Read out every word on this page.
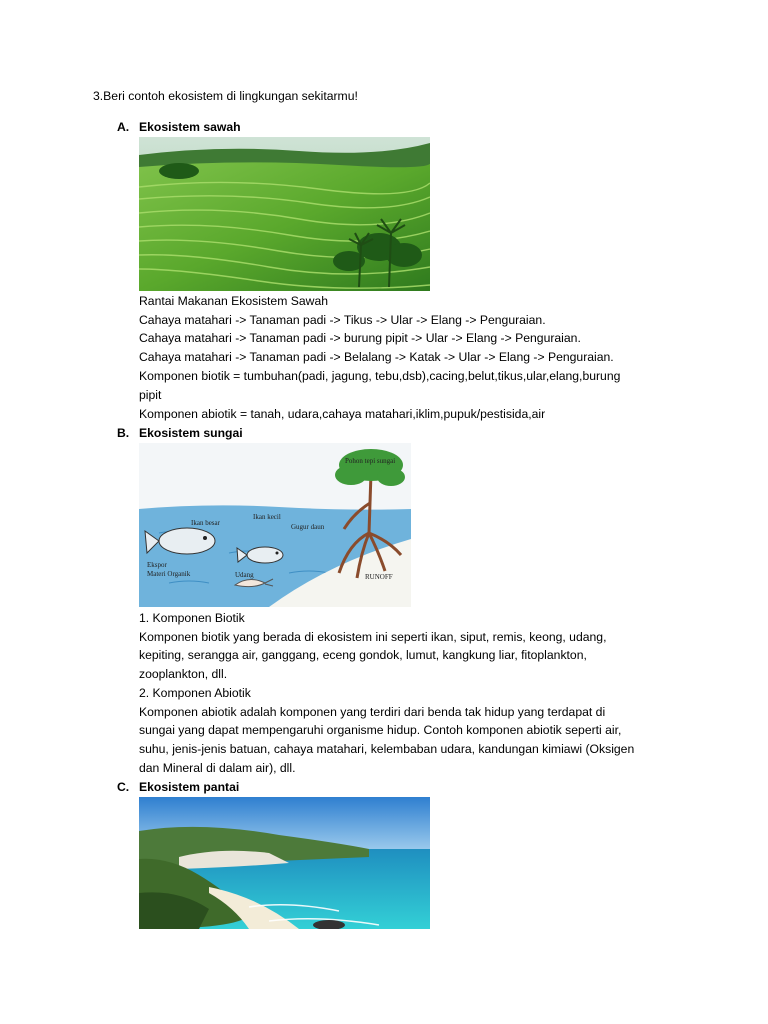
3.Beri contoh ekosistem di lingkungan sekitarmu!
A. Ekosistem sawah
Rantai Makanan Ekosistem Sawah
Cahaya matahari -> Tanaman padi -> Tikus -> Ular -> Elang -> Penguraian.
Cahaya matahari -> Tanaman padi -> burung pipit -> Ular -> Elang -> Penguraian.
Cahaya matahari -> Tanaman padi -> Belalang -> Katak -> Ular -> Elang -> Penguraian.
Komponen biotik = tumbuhan(padi, jagung, tebu,dsb),cacing,belut,tikus,ular,elang,burung
pipit
Komponen abiotik = tanah, udara,cahaya matahari,iklim,pupuk/pestisida,air
B. Ekosistem sungai
Pohon tepi sungai
Ikan besar
Ikan kecil
Gugur daun
Udang
Ekspor
Materi Organik	RUNOFF
1. Komponen Biotik
Komponen biotik yang berada di ekosistem ini seperti ikan, siput, remis, keong, udang,
kepiting, serangga air, ganggang, eceng gondok, lumut, kangkung liar, fitoplankton,
zooplankton, dll.
2. Komponen Abiotik
Komponen abiotik adalah komponen yang terdiri dari benda tak hidup yang terdapat di
sungai yang dapat mempengaruhi organisme hidup. Contoh komponen abiotik seperti air,
suhu, jenis-jenis batuan, cahaya matahari, kelembaban udara, kandungan kimiawi (Oksigen
dan Mineral di dalam air), dll.
C. Ekosistem pantai
